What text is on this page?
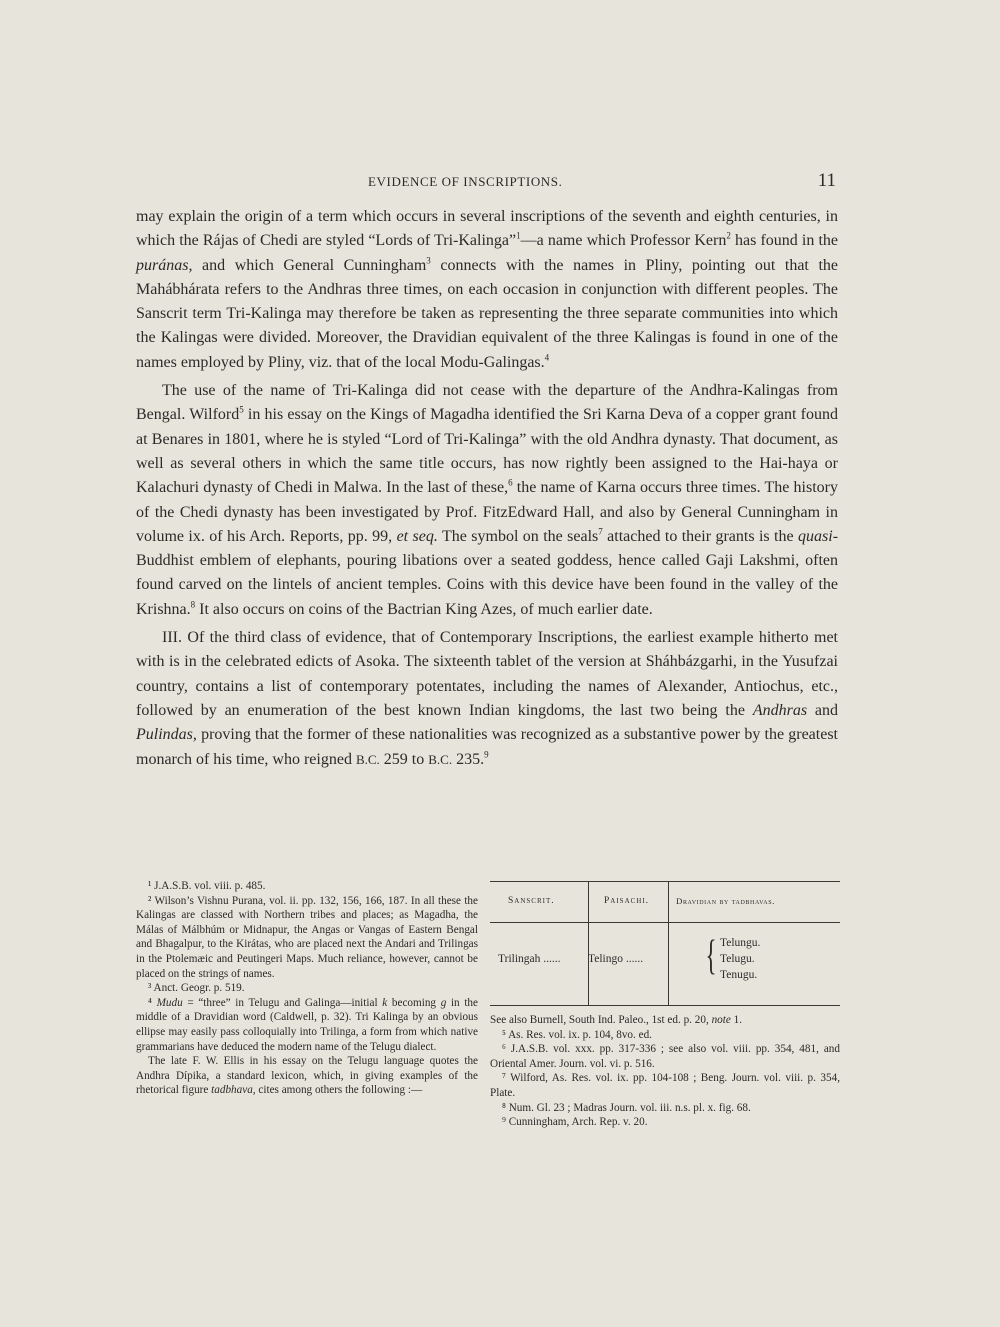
EVIDENCE OF INSCRIPTIONS.	11

may explain the origin of a term which occurs in several inscriptions of the seventh and eighth centuries, in which the Rájas of Chedi are styled “Lords of Tri-Kalinga”$^1$—a name which Professor Kern$^2$ has found in the puránas, and which General Cunningham$^3$ connects with the names in Pliny, pointing out that the Mahábhárata refers to the Andhras three times, on each occasion in conjunction with different peoples. The Sanscrit term Tri-Kalinga may therefore be taken as representing the three separate communities into which the Kalingas were divided. Moreover, the Dravidian equivalent of the three Kalingas is found in one of the names employed by Pliny, viz. that of the local Modu-Galingas.$^4$

The use of the name of Tri-Kalinga did not cease with the departure of the Andhra-Kalingas from Bengal. Wilford$^5$ in his essay on the Kings of Magadha identified the Sri Karna Deva of a copper grant found at Benares in 1801, where he is styled “Lord of Tri-Kalinga” with the old Andhra dynasty. That document, as well as several others in which the same title occurs, has now rightly been assigned to the Hai-haya or Kalachuri dynasty of Chedi in Malwa. In the last of these,$^6$ the name of Karna occurs three times. The history of the Chedi dynasty has been investigated by Prof. FitzEdward Hall, and also by General Cunningham in volume ix. of his Arch. Reports, pp. 99, et seq. The symbol on the seals$^7$ attached to their grants is the quasi-Buddhist emblem of elephants, pouring libations over a seated goddess, hence called Gaji Lakshmi, often found carved on the lintels of ancient temples. Coins with this device have been found in the valley of the Krishna.$^8$ It also occurs on coins of the Bactrian King Azes, of much earlier date.

III. Of the third class of evidence, that of Contemporary Inscriptions, the earliest example hitherto met with is in the celebrated edicts of Asoka. The sixteenth tablet of the version at Sháhbázgarhi, in the Yusufzai country, contains a list of contemporary potentates, including the names of Alexander, Antiochus, etc., followed by an enumeration of the best known Indian kingdoms, the last two being the Andhras and Pulindas, proving that the former of these nationalities was recognized as a substantive power by the greatest monarch of his time, who reigned B.C. 259 to B.C. 235.$^9$

¹ J.A.S.B. vol. viii. p. 485.

² Wilson’s Vishnu Purana, vol. ii. pp. 132, 156, 166, 187. In all these the Kalingas are classed with Northern tribes and places; as Magadha, the Málas of Málbhúm or Midnapur, the Angas or Vangas of Eastern Bengal and Bhagalpur, to the Kirátas, who are placed next the Andari and Trilingas in the Ptolemæic and Peutingeri Maps. Much reliance, however, cannot be placed on the strings of names.

³ Anct. Geogr. p. 519.

⁴ Mudu = “three” in Telugu and Galinga—initial k becoming g in the middle of a Dravidian word (Caldwell, p. 32). Tri Kalinga by an obvious ellipse may easily pass colloquially into Trilinga, a form from which native grammarians have deduced the modern name of the Telugu dialect.

The late F. W. Ellis in his essay on the Telugu language quotes the Andhra Dípika, a standard lexicon, which, in giving examples of the rhetorical figure tadbhava, cites among others the following :—

Sanscrit.	Paisachi.	Dravidian by tadbhavas.
Trilingah ...... Telingo ...... { Telungu.
Telugu.
Tenugu.

See also Burnell, South Ind. Paleo., 1st ed. p. 20, note 1.

⁵ As. Res. vol. ix. p. 104, 8vo. ed.

⁶ J.A.S.B. vol. xxx. pp. 317-336 ; see also vol. viii. pp. 354, 481, and Oriental Amer. Journ. vol. vi. p. 516.

⁷ Wilford, As. Res. vol. ix. pp. 104-108 ; Beng. Journ. vol. viii. p. 354, Plate.

⁸ Num. Gl. 23 ; Madras Journ. vol. iii. n.s. pl. x. fig. 68.

⁹ Cunningham, Arch. Rep. v. 20.
